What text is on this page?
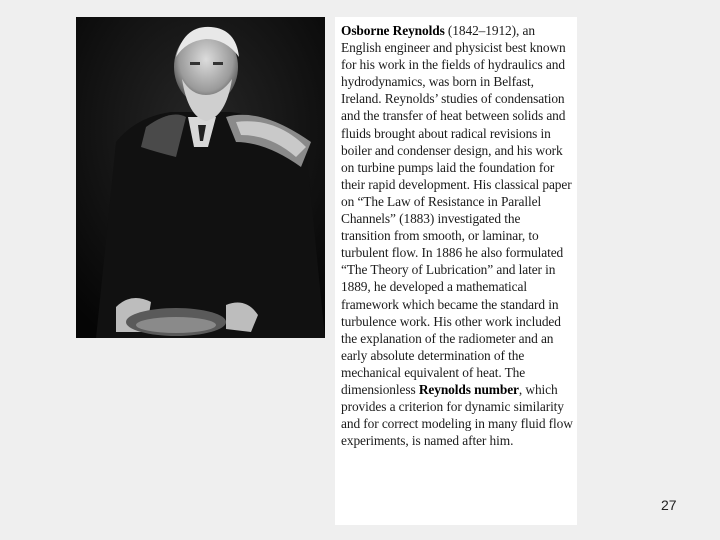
Osborne Reynolds (1842–1912), an English engineer and physicist best known for his work in the fields of hydraulics and hydrodynamics, was born in Belfast, Ireland. Reynolds’ studies of condensation and the transfer of heat between solids and fluids brought about radical revisions in boiler and condenser design, and his work on turbine pumps laid the foundation for their rapid development. His classical paper on “The Law of Resistance in Parallel Channels” (1883) investigated the transition from smooth, or laminar, to turbulent flow. In 1886 he also formulated “The Theory of Lubrication” and later in 1889, he developed a mathematical framework which became the standard in turbulence work. His other work included the explanation of the radiometer and an early absolute determination of the mechanical equivalent of heat. The dimensionless Reynolds number, which provides a criterion for dynamic similarity and for correct modeling in many fluid flow experiments, is named after him.

27
